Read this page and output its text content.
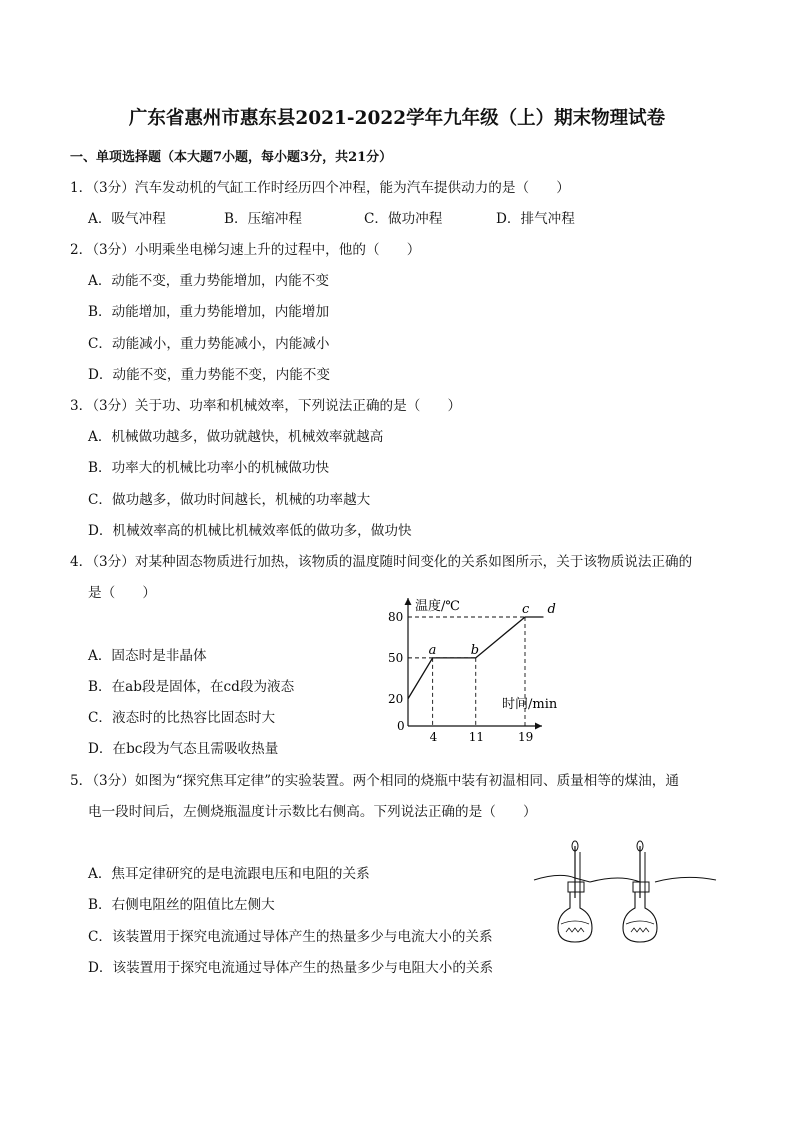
广东省惠州市惠东县2021-2022学年九年级（上）期末物理试卷
一、单项选择题（本大题7小题，每小题3分，共21分）
1．（3分）汽车发动机的气缸工作时经历四个冲程，能为汽车提供动力的是（　　）
A．吸气冲程	B．压缩冲程	C．做功冲程	D．排气冲程
2．（3分）小明乘坐电梯匀速上升的过程中，他的（　　）
A．动能不变，重力势能增加，内能不变
B．动能增加，重力势能增加，内能增加
C．动能减小，重力势能减小，内能减小
D．动能不变，重力势能不变，内能不变
3．（3分）关于功、功率和机械效率，下列说法正确的是（　　）
A．机械做功越多，做功就越快，机械效率就越高
B．功率大的机械比功率小的机械做功快
C．做功越多，做功时间越长，机械的功率越大
D．机械效率高的机械比机械效率低的做功多，做功快
4．（3分）对某种固态物质进行加热，该物质的温度随时间变化的关系如图所示，关于该物质说法正确的
是（　　）
A．固态时是非晶体
B．在ab段是固体，在cd段为液态
C．液态时的比热容比固态时大
D．在bc段为气态且需吸收热量
温度/℃
时间/min
0
20
50
80
4	11	19
a	b
c d
5．（3分）如图为“探究焦耳定律”的实验装置。两个相同的烧瓶中装有初温相同、质量相等的煤油，通
电一段时间后，左侧烧瓶温度计示数比右侧高。下列说法正确的是（　　）
A．焦耳定律研究的是电流跟电压和电阻的关系
B．右侧电阻丝的阻值比左侧大
C．该装置用于探究电流通过导体产生的热量多少与电流大小的关系
D．该装置用于探究电流通过导体产生的热量多少与电阻大小的关系
